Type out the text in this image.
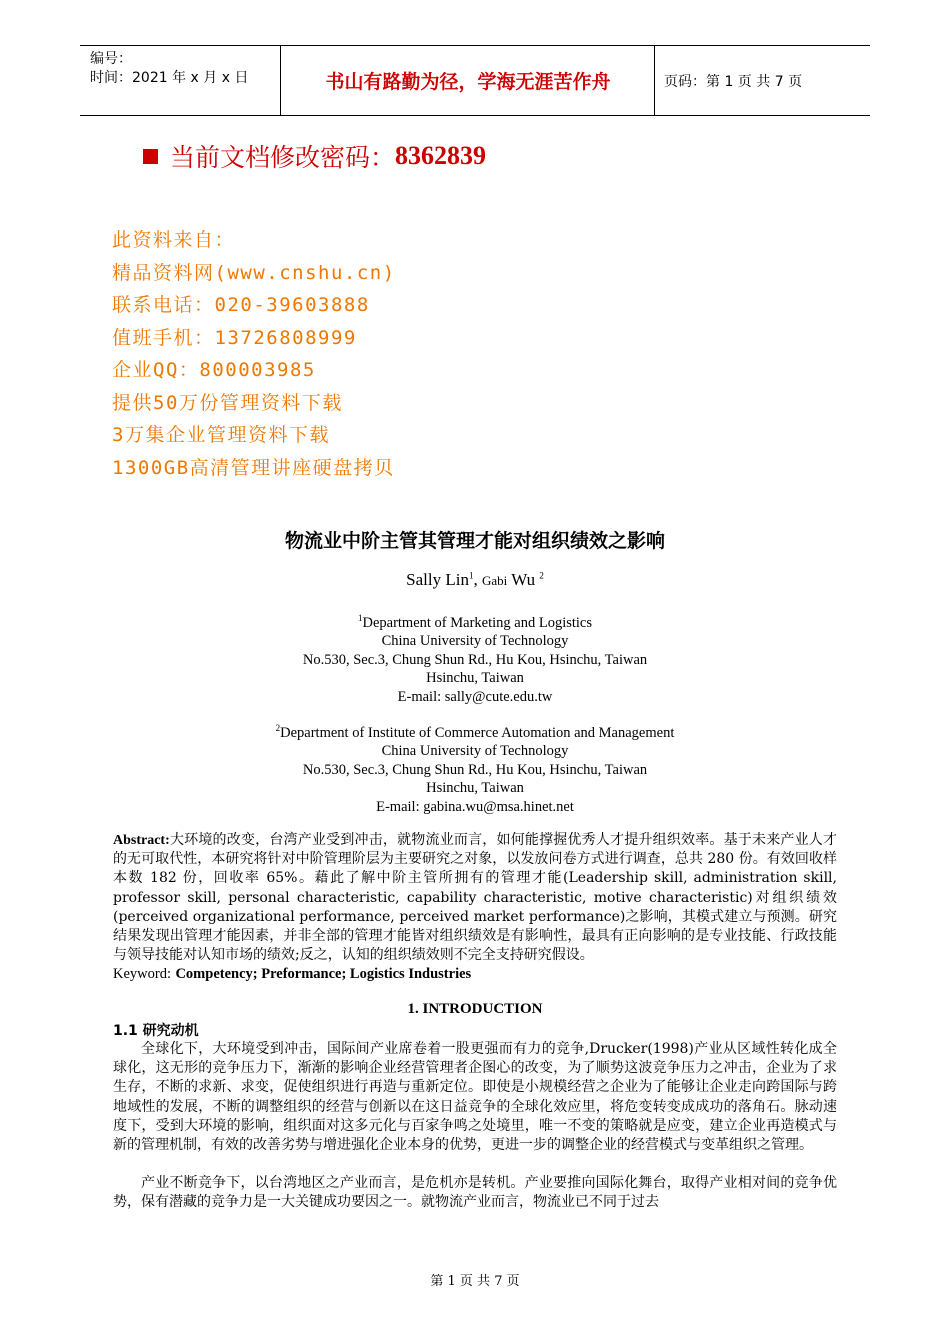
编号：
时间：2021 年 x 月 x 日	书山有路勤为径，学海无涯苦作舟	页码：第 1 页 共 7 页
当前文档修改密码： 8362839
此资料来自：
精品资料网(www.cnshu.cn)
联系电话：020-39603888
值班手机：13726808999
企业QQ：800003985
提供50万份管理资料下载
3万集企业管理资料下载
1300GB高清管理讲座硬盘拷贝
物流业中阶主管其管理才能对组织绩效之影响
Sally Lin$^1$, Gabi Wu $^2$
$^1$Department of Marketing and Logistics
China University of Technology
No.530, Sec.3, Chung Shun Rd., Hu Kou, Hsinchu, Taiwan
Hsinchu, Taiwan
E-mail: sally@cute.edu.tw
$^2$Department of Institute of Commerce Automation and Management
China University of Technology
No.530, Sec.3, Chung Shun Rd., Hu Kou, Hsinchu, Taiwan
Hsinchu, Taiwan
E-mail: gabina.wu@msa.hinet.net
Abstract:大环境的改变，台湾产业受到冲击，就物流业而言，如何能撑握优秀人才提升组织效率。基于未来产业人才的无可取代性，本研究将针对中阶管理阶层为主要研究之对象，以发放问卷方式进行调查，总共 280 份。有效回收样本数 182 份，回收率 65%。藉此了解中阶主管所拥有的管理才能(Leadership skill, administration skill, professor skill, personal characteristic, capability characteristic, motive characteristic)对组织绩效(perceived organizational performance, perceived market performance)之影响，其模式建立与预测。研究结果发现出管理才能因素，并非全部的管理才能皆对组织绩效是有影响性，最具有正向影响的是专业技能、行政技能与领导技能对认知市场的绩效;反之，认知的组织绩效则不完全支持研究假设。
Keyword: Competency; Preformance; Logistics Industries
1. INTRODUCTION
1.1 研究动机

全球化下，大环境受到冲击，国际间产业席卷着一股更强而有力的竞争,Drucker(1998)产业从区域性转化成全球化，这无形的竞争压力下，渐渐的影响企业经营管理者企图心的改变，为了顺势这波竞争压力之冲击，企业为了求生存，不断的求新、求变，促使组织进行再造与重新定位。即使是小规模经营之企业为了能够让企业走向跨国际与跨地域性的发展，不断的调整组织的经营与创新以在这日益竞争的全球化效应里，将危变转变成成功的落角石。脉动速度下，受到大环境的影响，组织面对这多元化与百家争鸣之处境里，唯一不变的策略就是应变，建立企业再造模式与新的管理机制，有效的改善劣势与增进强化企业本身的优势，更进一步的调整企业的经营模式与变革组织之管理。

产业不断竞争下，以台湾地区之产业而言，是危机亦是转机。产业要推向国际化舞台，取得产业相对间的竞争优势，保有潜藏的竞争力是一大关键成功要因之一。就物流产业而言，物流业已不同于过去

第 1 页 共 7 页
